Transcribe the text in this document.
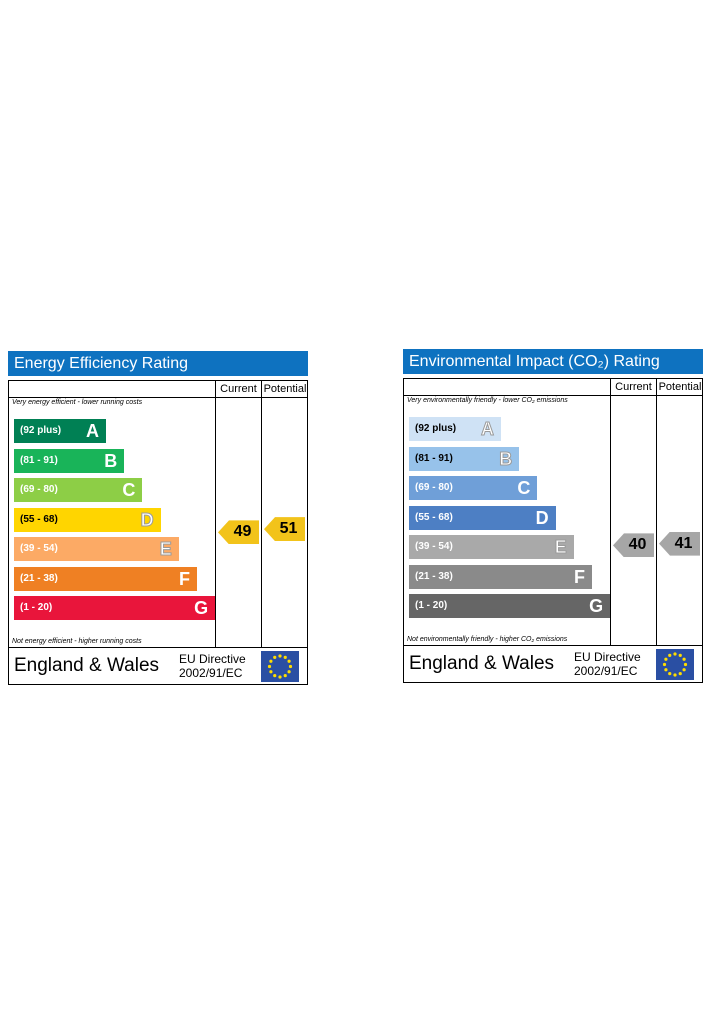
Energy Efficiency Rating
Current Potential
Very energy efficient - lower running costs
(92 plus) A
(81 - 91)	B
(69 - 80)	C
(55 - 68)	D
(39 - 54)	E
(21 - 38)	F
(1 - 20)	G
49	51
Not energy efficient - higher running costs
England & Wales EU Directive
2002/91/EC
Environmental Impact (CO₂) Rating
Current Potential
Very environmentally friendly - lower CO₂ emissions
(92 plus) A
(81 - 91)	B
(69 - 80)	C
(55 - 68)	D
(39 - 54)	E
(21 - 38)	F
(1 - 20)	G
40	41
Not environmentally friendly - higher CO₂ emissions
England & Wales EU Directive
2002/91/EC
